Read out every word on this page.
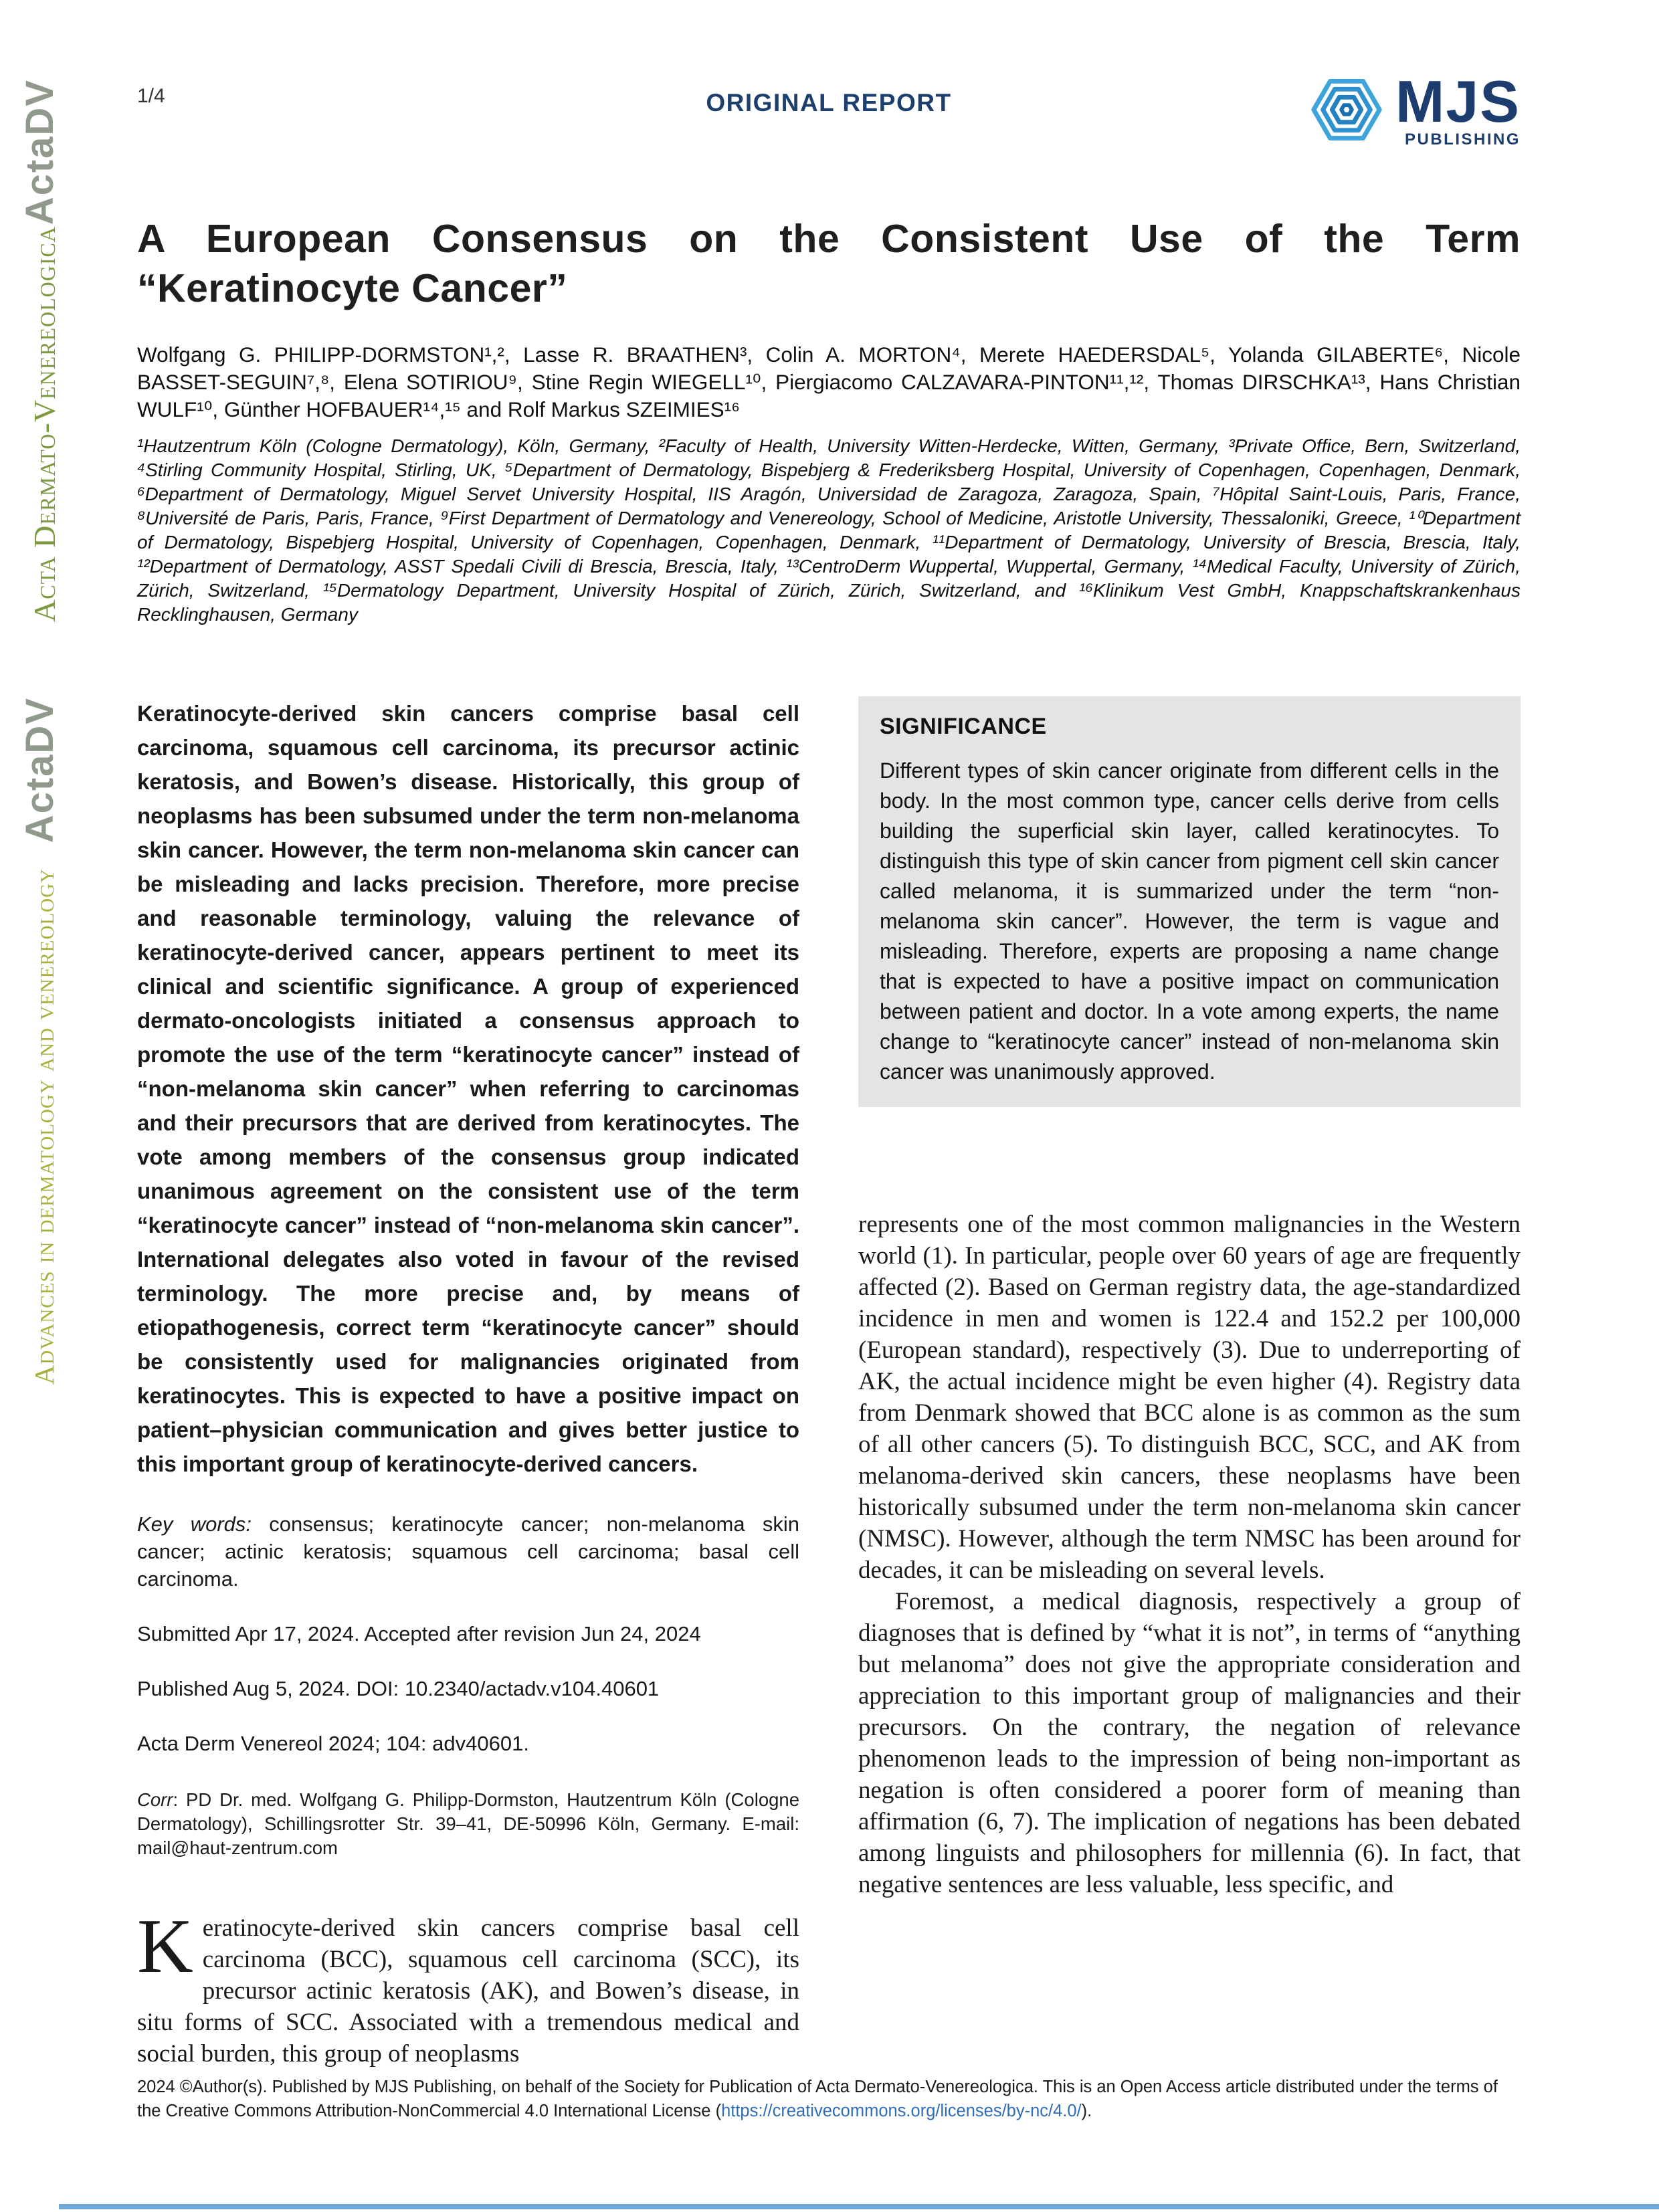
ActaDV
Acta Dermato-Venereologica
ActaDV
Advances in dermatology and venereology
1/4	ORIGINAL REPORT	MJS
PUBLISHING
A European Consensus on the Consistent Use of the Term “Keratinocyte Cancer”

Wolfgang G. PHILIPP-DORMSTON¹,², Lasse R. BRAATHEN³, Colin A. MORTON⁴, Merete HAEDERSDAL⁵, Yolanda GILABERTE⁶, Nicole BASSET-SEGUIN⁷,⁸, Elena SOTIRIOU⁹, Stine Regin WIEGELL¹⁰, Piergiacomo CALZAVARA-PINTON¹¹,¹², Thomas DIRSCHKA¹³, Hans Christian WULF¹⁰, Günther HOFBAUER¹⁴,¹⁵ and Rolf Markus SZEIMIES¹⁶

¹Hautzentrum Köln (Cologne Dermatology), Köln, Germany, ²Faculty of Health, University Witten-Herdecke, Witten, Germany, ³Private Office, Bern, Switzerland, ⁴Stirling Community Hospital, Stirling, UK, ⁵Department of Dermatology, Bispebjerg & Frederiksberg Hospital, University of Copenhagen, Copenhagen, Denmark, ⁶Department of Dermatology, Miguel Servet University Hospital, IIS Aragón, Universidad de Zaragoza, Zaragoza, Spain, ⁷Hôpital Saint-Louis, Paris, France, ⁸Université de Paris, Paris, France, ⁹First Department of Dermatology and Venereology, School of Medicine, Aristotle University, Thessaloniki, Greece, ¹⁰Department of Dermatology, Bispebjerg Hospital, University of Copenhagen, Copenhagen, Denmark, ¹¹Department of Dermatology, University of Brescia, Brescia, Italy, ¹²Department of Dermatology, ASST Spedali Civili di Brescia, Brescia, Italy, ¹³CentroDerm Wuppertal, Wuppertal, Germany, ¹⁴Medical Faculty, University of Zürich, Zürich, Switzerland, ¹⁵Dermatology Department, University Hospital of Zürich, Zürich, Switzerland, and ¹⁶Klinikum Vest GmbH, Knappschaftskrankenhaus Recklinghausen, Germany

Keratinocyte-derived skin cancers comprise basal cell carcinoma, squamous cell carcinoma, its precursor actinic keratosis, and Bowen’s disease. Historically, this group of neoplasms has been subsumed under the term non-melanoma skin cancer. However, the term non-melanoma skin cancer can be misleading and lacks precision. Therefore, more precise and reasonable terminology, valuing the relevance of keratinocyte-derived cancer, appears pertinent to meet its clinical and scientific significance. A group of experienced dermato-oncologists initiated a consensus approach to promote the use of the term “keratinocyte cancer” instead of “non-melanoma skin cancer” when referring to carcinomas and their precursors that are derived from keratinocytes. The vote among members of the consensus group indicated unanimous agreement on the consistent use of the term “keratinocyte cancer” instead of “non-melanoma skin cancer”. International delegates also voted in favour of the revised terminology. The more precise and, by means of etiopathogenesis, correct term “keratinocyte cancer” should be consistently used for malignancies originated from keratinocytes. This is expected to have a positive impact on patient–physician communication and gives better justice to this important group of keratinocyte-derived cancers.

Key words: consensus; keratinocyte cancer; non-melanoma skin cancer; actinic keratosis; squamous cell carcinoma; basal cell carcinoma.

Submitted Apr 17, 2024. Accepted after revision Jun 24, 2024

Published Aug 5, 2024. DOI: 10.2340/actadv.v104.40601

Acta Derm Venereol 2024; 104: adv40601.

Corr: PD Dr. med. Wolfgang G. Philipp-Dormston, Hautzentrum Köln (Cologne Dermatology), Schillingsrotter Str. 39–41, DE-50996 Köln, Germany. E-mail: mail@haut-zentrum.com

Keratinocyte-derived skin cancers comprise basal cell carcinoma (BCC), squamous cell carcinoma (SCC), its precursor actinic keratosis (AK), and Bowen’s disease, in situ forms of SCC. Associated with a tremendous medical and social burden, this group of neoplasms

SIGNIFICANCE

Different types of skin cancer originate from different cells in the body. In the most common type, cancer cells derive from cells building the superficial skin layer, called keratinocytes. To distinguish this type of skin cancer from pigment cell skin cancer called melanoma, it is summarized under the term “non-melanoma skin cancer”. However, the term is vague and misleading. Therefore, experts are proposing a name change that is expected to have a positive impact on communication between patient and doctor. In a vote among experts, the name change to “keratinocyte cancer” instead of non-melanoma skin cancer was unanimously approved.

represents one of the most common malignancies in the Western world (1). In particular, people over 60 years of age are frequently affected (2). Based on German registry data, the age-standardized incidence in men and women is 122.4 and 152.2 per 100,000 (European standard), respectively (3). Due to underreporting of AK, the actual incidence might be even higher (4). Registry data from Denmark showed that BCC alone is as common as the sum of all other cancers (5). To distinguish BCC, SCC, and AK from melanoma-derived skin cancers, these neoplasms have been historically subsumed under the term non-melanoma skin cancer (NMSC). However, although the term NMSC has been around for decades, it can be misleading on several levels.

Foremost, a medical diagnosis, respectively a group of diagnoses that is defined by “what it is not”, in terms of “anything but melanoma” does not give the appropriate consideration and appreciation to this important group of malignancies and their precursors. On the contrary, the negation of relevance phenomenon leads to the impression of being non-important as negation is often considered a poorer form of meaning than affirmation (6, 7). The implication of negations has been debated among linguists and philosophers for millennia (6). In fact, that negative sentences are less valuable, less specific, and

2024 ©Author(s). Published by MJS Publishing, on behalf of the Society for Publication of Acta Dermato-Venereologica. This is an Open Access article distributed under the terms of the Creative Commons Attribution-NonCommercial 4.0 International License (https://creativecommons.org/licenses/by-nc/4.0/).
